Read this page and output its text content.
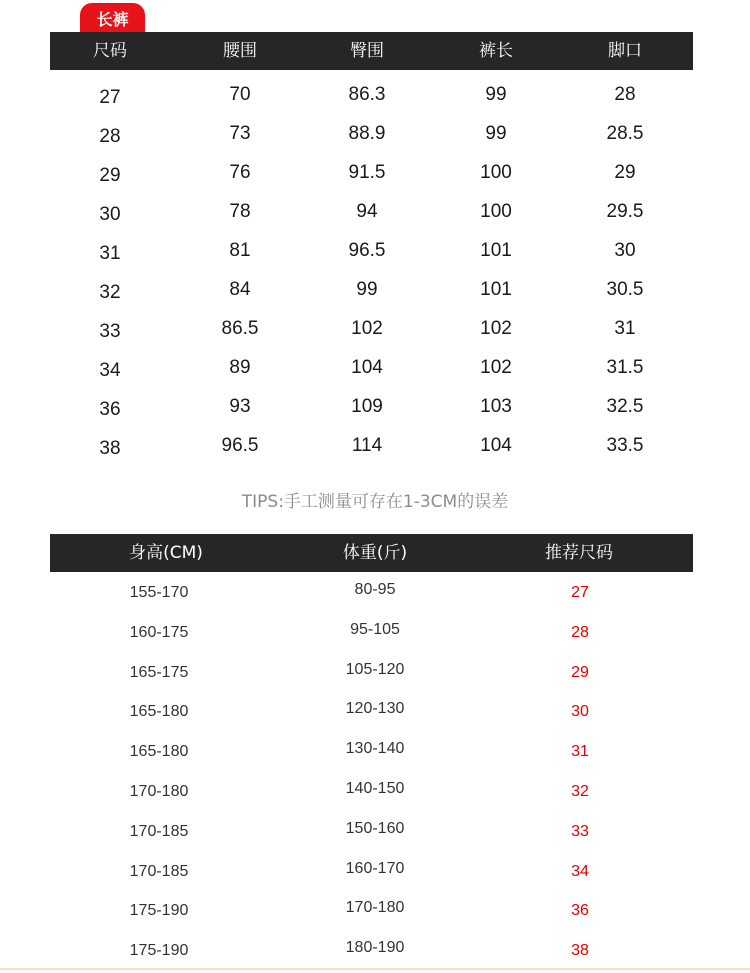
长裤
尺码	腰围	臀围	裤长	脚口
27	70	86.3	99	28
28	73	88.9	99	28.5
29	76	91.5	100	29
30	78	94	100	29.5
31	81	96.5	101	30
32	84	99	101	30.5
33	86.5	102	102	31
34	89	104	102	31.5
36	93	109	103	32.5
38	96.5	114	104	33.5
TIPS:手工测量可存在1-3CM的误差
身高(CM)	体重(斤)	推荐尺码
155-170	80-95	27
160-175	95-105	28
165-175	105-120	29
165-180	120-130	30
165-180	130-140	31
170-180	140-150	32
170-185	150-160	33
170-185	160-170	34
175-190	170-180	36
175-190	180-190	38
